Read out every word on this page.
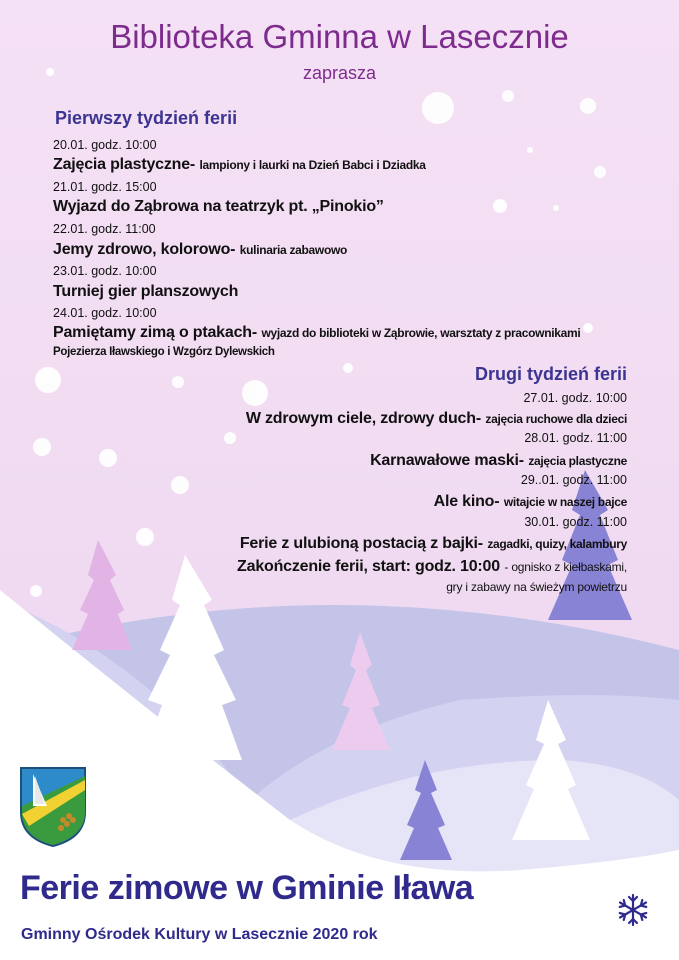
Biblioteka Gminna w Lasecznie
zaprasza
Pierwszy tydzień ferii
20.01. godz. 10:00
Zajęcia plastyczne- lampiony i laurki na Dzień Babci i Dziadka
21.01. godz. 15:00
Wyjazd do Ząbrowa na teatrzyk pt. „Pinokio”
22.01. godz. 11:00
Jemy zdrowo, kolorowo- kulinaria zabawowo
23.01. godz. 10:00
Turniej gier planszowych
24.01. godz. 10:00
Pamiętamy zimą o ptakach- wyjazd do biblioteki w Ząbrowie, warsztaty z pracownikami
Pojezierza Iławskiego i Wzgórz Dylewskich
Drugi tydzień ferii
27.01. godz. 10:00
W zdrowym ciele, zdrowy duch- zajęcia ruchowe dla dzieci
28.01. godz. 11:00
Karnawałowe maski- zajęcia plastyczne
29..01. godz. 11:00
Ale kino- witajcie w naszej bajce
30.01. godz. 11:00
Ferie z ulubioną postacią z bajki- zagadki, quizy, kalambury
Zakończenie ferii, start: godz. 10:00 - ognisko z kiełbaskami,
gry i zabawy na świeżym powietrzu
Ferie zimowe w Gminie Iława
Gminny Ośrodek Kultury w Lasecznie 2020 rok
